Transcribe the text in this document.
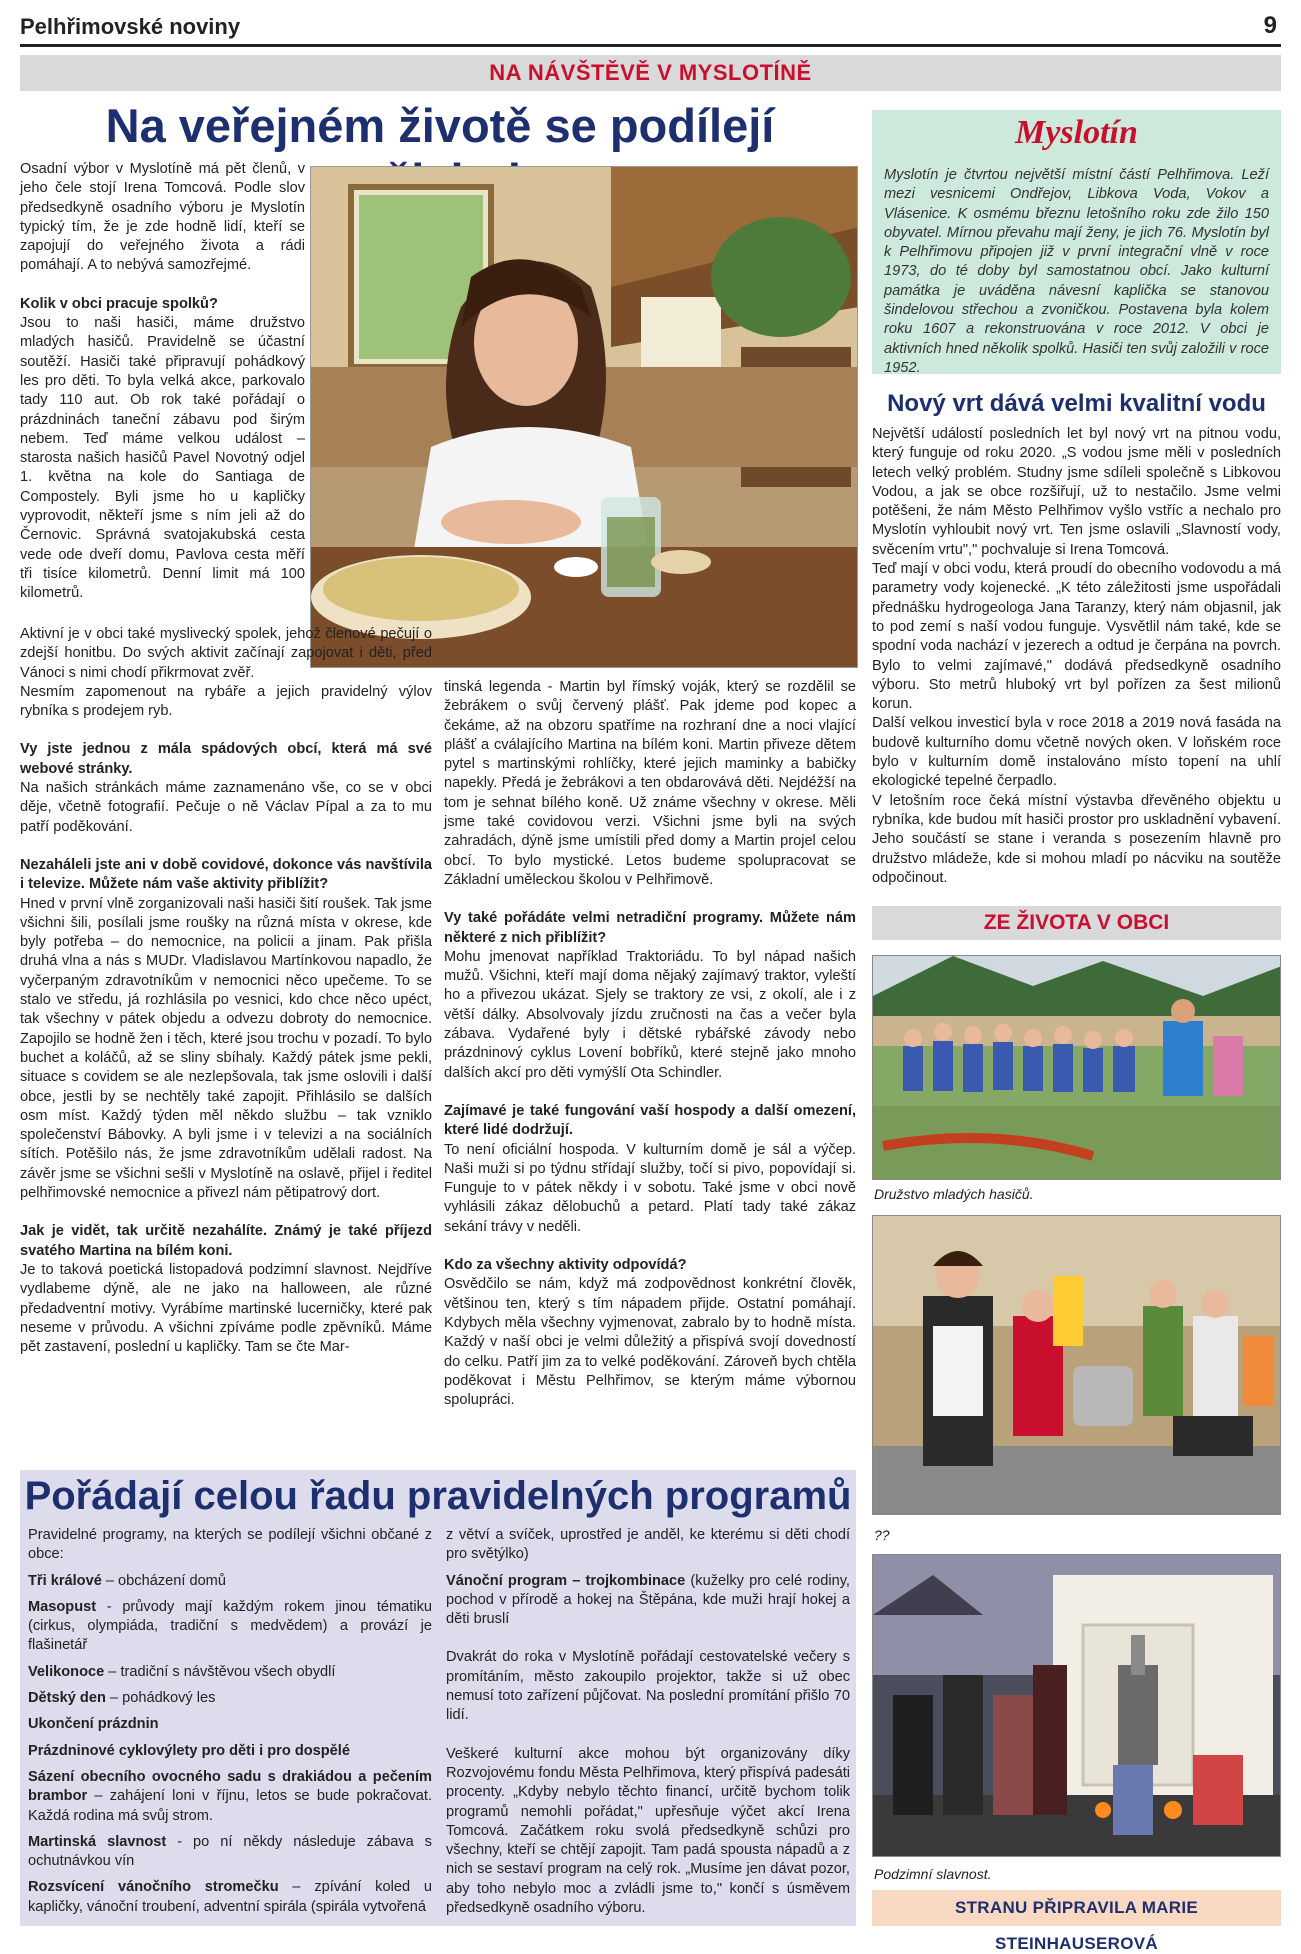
Pelhřimovské noviny	9
NA NÁVŠTĚVĚ V MYSLOTÍNĚ
Na veřejném životě se podílejí

Osadní výbor v Myslotíně má pět členů, v jeho čele stojí Irena Tomcová. Podle slov předsedkyně osadního výboru je Myslotín typický tím, že je zde hodně lidí, kteří se zapojují do veřejného života a rádi pomáhají. A to nebývá samozřejmé.

Kolik v obci pracuje spolků?

Jsou to naši hasiči, máme družstvo mladých hasičů. Pravidelně se účastní soutěží. Hasiči také připravují pohádkový les pro děti. To byla velká akce, parkovalo tady 110 aut. Ob rok také pořádají o prázdninách taneční zábavu pod širým nebem. Teď máme velkou událost – starosta našich hasičů Pavel Novotný odjel 1. května na kole do Santiaga de Compostely. Byli jsme ho u kapličky vyprovodit, někteří jsme s ním jeli až do Černovic. Správná svatojakubská cesta vede ode dveří domu, Pavlova cesta měří tři tisíce kilometrů. Denní limit má 100 kilometrů.

Aktivní je v obci také myslivecký spolek, jehož členové pečují o zdejší honitbu. Do svých aktivit začínají zapojovat i děti, před Vánoci s nimi chodí přikrmovat zvěř.

Nesmím zapomenout na rybáře a jejich pravidelný výlov rybníka s prodejem ryb.

Vy jste jednou z mála spádových obcí, která má své webové stránky.

Na našich stránkách máme zaznamenáno vše, co se v obci děje, včetně fotografií. Pečuje o ně Václav Pípal a za to mu patří poděkování.

Nezaháleli jste ani v době covidové, dokonce vás navštívila i televize. Můžete nám vaše aktivity přiblížit?

Hned v první vlně zorganizovali naši hasiči šití roušek. Tak jsme všichni šili, posílali jsme roušky na různá místa v okrese, kde byly potřeba – do nemocnice, na policii a jinam. Pak přišla druhá vlna a nás s MUDr. Vladislavou Martínkovou napadlo, že vyčerpaným zdravotníkům v nemocnici něco upečeme. To se stalo ve středu, já rozhlásila po vesnici, kdo chce něco upéct, tak všechny v pátek objedu a odvezu dobroty do nemocnice. Zapojilo se hodně žen i těch, které jsou trochu v pozadí. To bylo buchet a koláčů, až se sliny sbíhaly. Každý pátek jsme pekli, situace s covidem se ale nezlepšovala, tak jsme oslovili i další obce, jestli by se nechtěly také zapojit. Přihlásilo se dalších osm míst. Každý týden měl někdo službu – tak vzniklo společenství Bábovky. A byli jsme i v televizi a na sociálních sítích. Potěšilo nás, že jsme zdravotníkům udělali radost. Na závěr jsme se všichni sešli v Myslotíně na oslavě, přijel i ředitel pelhřimovské nemocnice a přivezl nám pětipatrový dort.

Jak je vidět, tak určitě nezahálíte. Známý je také příjezd svatého Martina na bílém koni.

Je to taková poetická listopadová podzimní slavnost. Nejdříve vydlabeme dýně, ale ne jako na halloween, ale různé předadventní motivy. Vyrábíme martinské lucerničky, které pak neseme v průvodu. A všichni zpíváme podle zpěvníků. Máme pět zastavení, poslední u kapličky. Tam se čte Mar-

tinská legenda - Martin byl římský voják, který se rozdělil se žebrákem o svůj červený plášť. Pak jdeme pod kopec a čekáme, až na obzoru spatříme na rozhraní dne a noci vlající plášť a cválajícího Martina na bílém koni. Martin přiveze dětem pytel s martinskými rohlíčky, které jejich maminky a babičky napekly. Předá je žebrákovi a ten obdarovává děti. Nejdéžší na tom je sehnat bílého koně. Už známe všechny v okrese. Měli jsme také covidovou verzi. Všichni jsme byli na svých zahradách, dýně jsme umístili před domy a Martin projel celou obcí. To bylo mystické. Letos budeme spolupracovat se Základní uměleckou školou v Pelhřimově.

Vy také pořádáte velmi netradiční programy. Můžete nám některé z nich přiblížit?

Mohu jmenovat například Traktoriádu. To byl nápad našich mužů. Všichni, kteří mají doma nějaký zajímavý traktor, vyleští ho a přivezou ukázat. Sjely se traktory ze vsi, z okolí, ale i z větší dálky. Absolvovaly jízdu zručnosti na čas a večer byla zábava. Vydařené byly i dětské rybářské závody nebo prázdninový cyklus Lovení bobříků, které stejně jako mnoho dalších akcí pro děti vymýšlí Ota Schindler.

Zajímavé je také fungování vaší hospody a další omezení, které lidé dodržují.

To není oficiální hospoda. V kulturním domě je sál a výčep. Naši muži si po týdnu střídají služby, točí si pivo, popovídají si. Funguje to v pátek někdy i v sobotu. Také jsme v obci nově vyhlásili zákaz dělobuchů a petard. Platí tady také zákaz sekání trávy v neděli.

Kdo za všechny aktivity odpovídá?

Osvědčilo se nám, když má zodpovědnost konkrétní člověk, většinou ten, který s tím nápadem přijde. Ostatní pomáhají. Kdybych měla všechny vyjmenovat, zabralo by to hodně místa. Každý v naší obci je velmi důležitý a přispívá svojí dovedností do celku. Patří jim za to velké poděkování. Zároveň bych chtěla poděkovat i Městu Pelhřimov, se kterým máme výbornou spolupráci.

Myslotín
Myslotín je čtvrtou největší místní částí Pelhřimova. Leží mezi vesnicemi Ondřejov, Libkova Voda, Vokov a Vlásenice. K osmému březnu letošního roku zde žilo 150 obyvatel. Mírnou převahu mají ženy, je jich 76. Myslotín byl k Pelhřimovu připojen již v první integrační vlně v roce 1973, do té doby byl samostatnou obcí. Jako kulturní památka je uváděna návesní kaplička se stanovou šindelovou střechou a zvoničkou. Postavena byla kolem roku 1607 a rekonstruována v roce 2012. V obci je aktivních hned několik spolků. Hasiči ten svůj založili v roce 1952.
Nový vrt dává velmi kvalitní vodu

Největší událostí posledních let byl nový vrt na pitnou vodu, který funguje od roku 2020. „S vodou jsme měli v posledních letech velký problém. Studny jsme sdíleli společně s Libkovou Vodou, a jak se obce rozšiřují, už to nestačilo. Jsme velmi potěšeni, že nám Město Pelhřimov vyšlo vstříc a nechalo pro Myslotín vyhloubit nový vrt. Ten jsme oslavili „Slavností vody, svěcením vrtu"," pochvaluje si Irena Tomcová.

Teď mají v obci vodu, která proudí do obecního vodovodu a má parametry vody kojenecké. „K této záležitosti jsme uspořádali přednášku hydrogeologa Jana Taranzy, který nám objasnil, jak to pod zemí s naší vodou funguje. Vysvětlil nám také, kde se spodní voda nachází v jezerech a odtud je čerpána na povrch. Bylo to velmi zajímavé," dodává předsedkyně osadního výboru. Sto metrů hluboký vrt byl pořízen za šest milionů korun.

Další velkou investicí byla v roce 2018 a 2019 nová fasáda na budově kulturního domu včetně nových oken. V loňském roce bylo v kulturním domě instalováno místo topení na uhlí ekologické tepelné čerpadlo.

V letošním roce čeká místní výstavba dřevěného objektu u rybníka, kde budou mít hasiči prostor pro uskladnění vybavení. Jeho součástí se stane i veranda s posezením hlavně pro družstvo mládeže, kde si mohou mladí po nácviku na soutěže odpočinout.

ZE ŽIVOTA V OBCI
Družstvo mladých hasičů.
??
Podzimní slavnost.
Pořádají celou řadu pravidelných programů

Pravidelné programy, na kterých se podílejí všichni občané z obce:

Tři králové – obcházení domů

Masopust - průvody mají každým rokem jinou tématiku (cirkus, olympiáda, tradiční s medvědem) a provází je flašinetář

Velikonoce – tradiční s návštěvou všech obydlí

Dětský den – pohádkový les

Ukončení prázdnin

Prázdninové cyklovýlety pro děti i pro dospělé

Sázení obecního ovocného sadu s drakiádou a pečením brambor – zahájení loni v říjnu, letos se bude pokračovat. Každá rodina má svůj strom.

Martinská slavnost - po ní někdy následuje zábava s ochutnávkou vín

Rozsvícení vánočního stromečku – zpívání koled u kapličky, vánoční troubení, adventní spirála (spirála vytvořená

z větví a svíček, uprostřed je anděl, ke kterému si děti chodí pro světýlko)

Vánoční program – trojkombinace (kuželky pro celé rodiny, pochod v přírodě a hokej na Štěpána, kde muži hrají hokej a děti bruslí

Dvakrát do roka v Myslotíně pořádají cestovatelské večery s promítáním, město zakoupilo projektor, takže si už obec nemusí toto zařízení půjčovat. Na poslední promítání přišlo 70 lidí.

Veškeré kulturní akce mohou být organizovány díky Rozvojovému fondu Města Pelhřimova, který přispívá padesáti procenty. „Kdyby nebylo těchto financí, určitě bychom tolik programů nemohli pořádat," upřesňuje výčet akcí Irena Tomcová. Začátkem roku svolá předsedkyně schůzi pro všechny, kteří se chtějí zapojit. Tam padá spousta nápadů a z nich se sestaví program na celý rok. „Musíme jen dávat pozor, aby toho nebylo moc a zvládli jsme to," končí s úsměvem předsedkyně osadního výboru.	STRANU PŘIPRAVILA MARIE STEINHAUSEROVÁ
